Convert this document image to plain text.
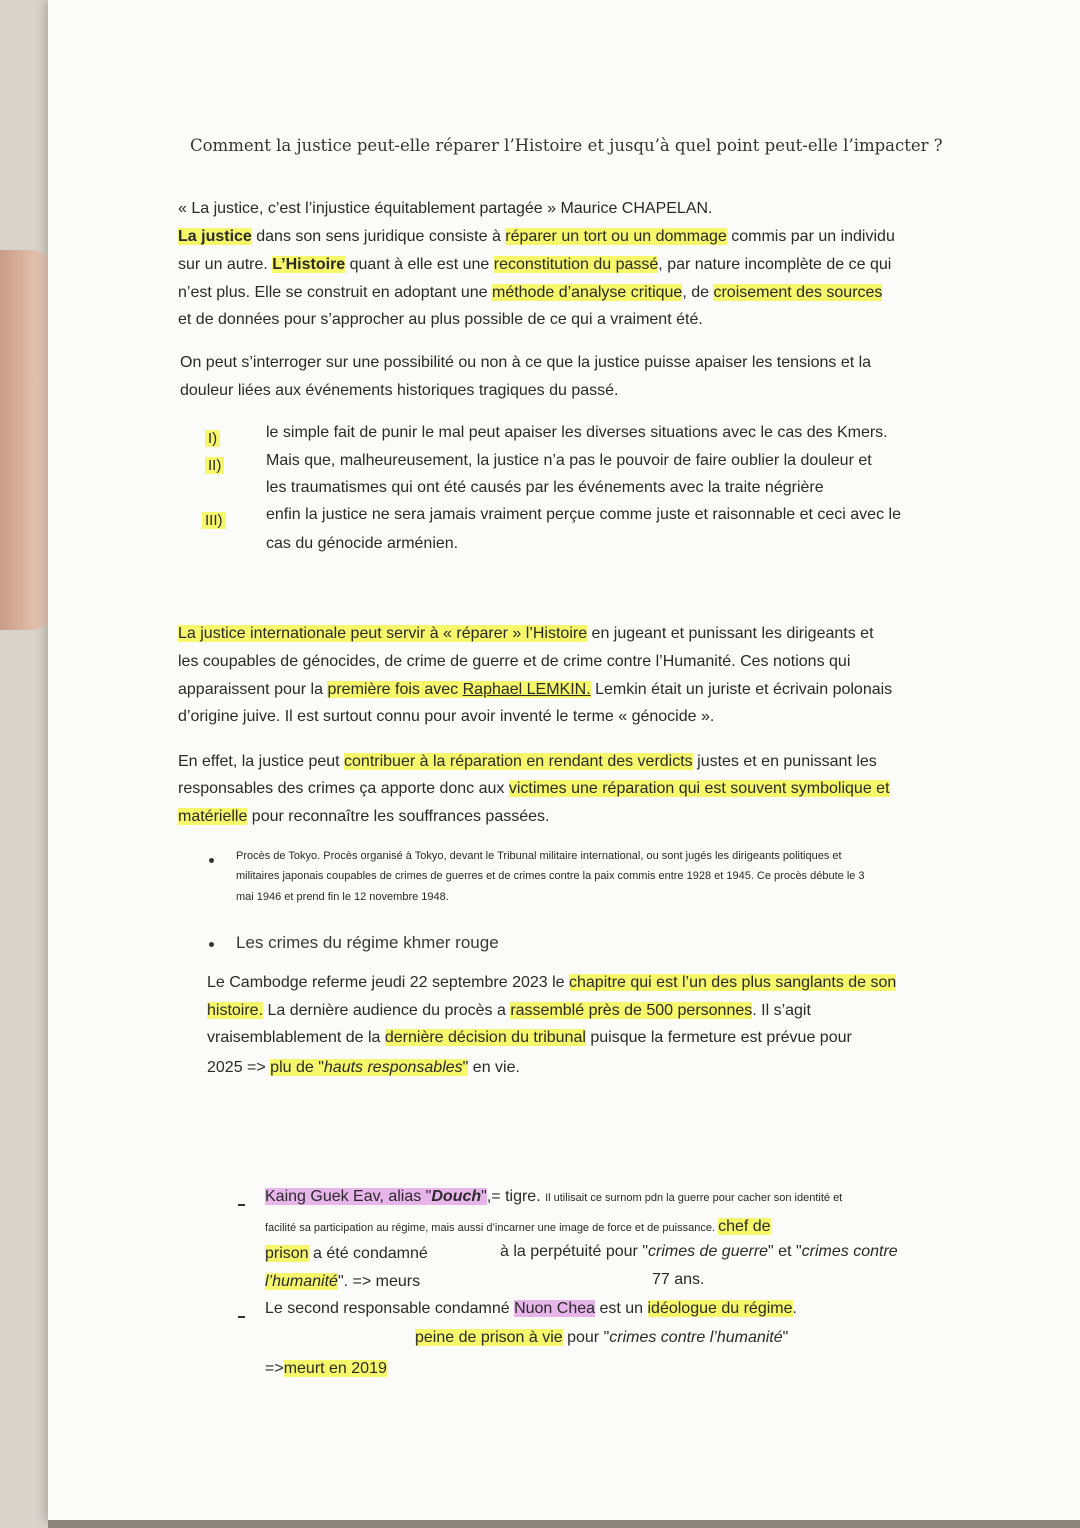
Comment la justice peut-elle réparer l’Histoire et jusqu’à quel point peut-elle l’impacter ?
« La justice, c’est l’injustice équitablement partagée » Maurice CHAPELAN.
La justice dans son sens juridique consiste à réparer un tort ou un dommage commis par un individu
sur un autre. L’Histoire quant à elle est une reconstitution du passé, par nature incomplète de ce qui
n’est plus. Elle se construit en adoptant une méthode d’analyse critique, de croisement des sources
et de données pour s’approcher au plus possible de ce qui a vraiment été.
On peut s’interroger sur une possibilité ou non à ce que la justice puisse apaiser les tensions et la
douleur liées aux événements historiques tragiques du passé.
I)
II)
III)
le simple fait de punir le mal peut apaiser les diverses situations avec le cas des Kmers.
Mais que, malheureusement, la justice n’a pas le pouvoir de faire oublier la douleur et
les traumatismes qui ont été causés par les événements avec la traite négrière
enfin la justice ne sera jamais vraiment perçue comme juste et raisonnable et ceci avec le
cas du génocide arménien.
La justice internationale peut servir à « réparer » l’Histoire en jugeant et punissant les dirigeants et
les coupables de génocides, de crime de guerre et de crime contre l’Humanité. Ces notions qui
apparaissent pour la première fois avec Raphael LEMKIN. Lemkin était un juriste et écrivain polonais
d’origine juive. Il est surtout connu pour avoir inventé le terme « génocide ».
En effet, la justice peut contribuer à la réparation en rendant des verdicts justes et en punissant les
responsables des crimes ça apporte donc aux victimes une réparation qui est souvent symbolique et
matérielle pour reconnaître les souffrances passées.
Procès de Tokyo. Procès organisé à Tokyo, devant le Tribunal militaire international, ou sont jugés les dirigeants politiques et
militaires japonais coupables de crimes de guerres et de crimes contre la paix commis entre 1928 et 1945. Ce procès débute le 3
mai 1946 et prend fin le 12 novembre 1948.
Les crimes du régime khmer rouge
Le Cambodge referme jeudi 22 septembre 2023 le chapitre qui est l’un des plus sanglants de son
histoire. La dernière audience du procès a rassemblé près de 500 personnes. Il s’agit
vraisemblablement de la dernière décision du tribunal puisque la fermeture est prévue pour
2025 => plu de "hauts responsables" en vie.
Kaing Guek Eav, alias "Douch",= tigre. Il utilisait ce surnom pdn la guerre pour cacher son identité et
facilité sa participation au régime, mais aussi d’incarner une image de force et de puissance. chef de
prison a été condamné	à la perpétuité pour "crimes de guerre" et "crimes contre
l’humanité". => meurs	77 ans.
Le second responsable condamné Nuon Chea est un idéologue du régime.
peine de prison à vie pour "crimes contre l’humanité"
=>meurt en 2019
